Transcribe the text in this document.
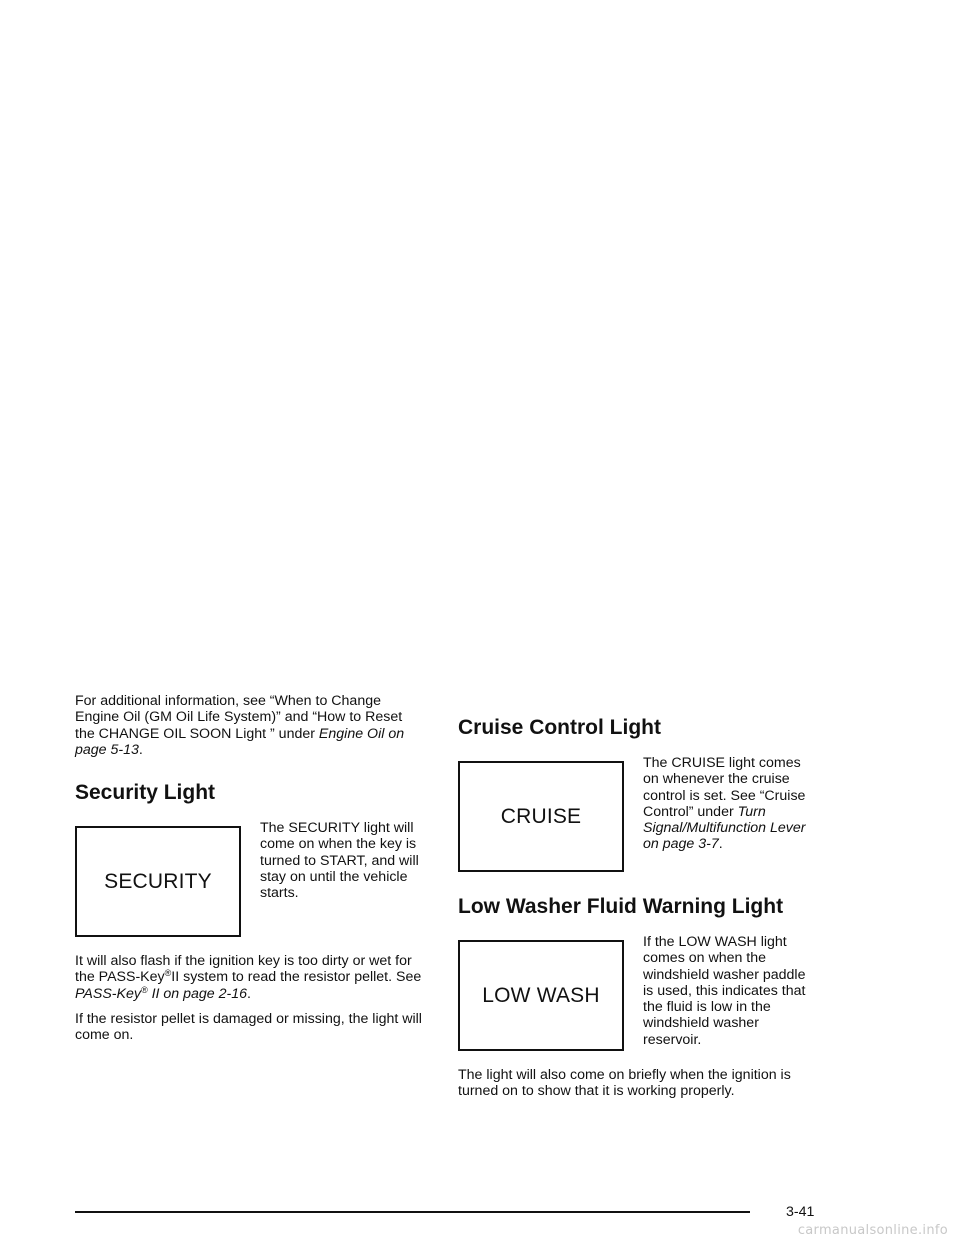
For additional information, see “When to Change Engine Oil (GM Oil Life System)” and “How to Reset the CHANGE OIL SOON Light ” under Engine Oil on page 5-13.

Security Light
SECURITY

The SECURITY light will come on when the key is turned to START, and will stay on until the vehicle starts.

It will also flash if the ignition key is too dirty or wet for the PASS-Key®II system to read the resistor pellet. See PASS-Key® II on page 2-16.

If the resistor pellet is damaged or missing, the light will come on.

Cruise Control Light
CRUISE

The CRUISE light comes on whenever the cruise control is set. See “Cruise Control” under Turn Signal/Multifunction Lever on page 3-7.

Low Washer Fluid Warning Light
LOW WASH

If the LOW WASH light comes on when the windshield washer paddle is used, this indicates that the fluid is low in the windshield washer reservoir.

The light will also come on briefly when the ignition is turned on to show that it is working properly.

3-41
carmanualsonline.info
